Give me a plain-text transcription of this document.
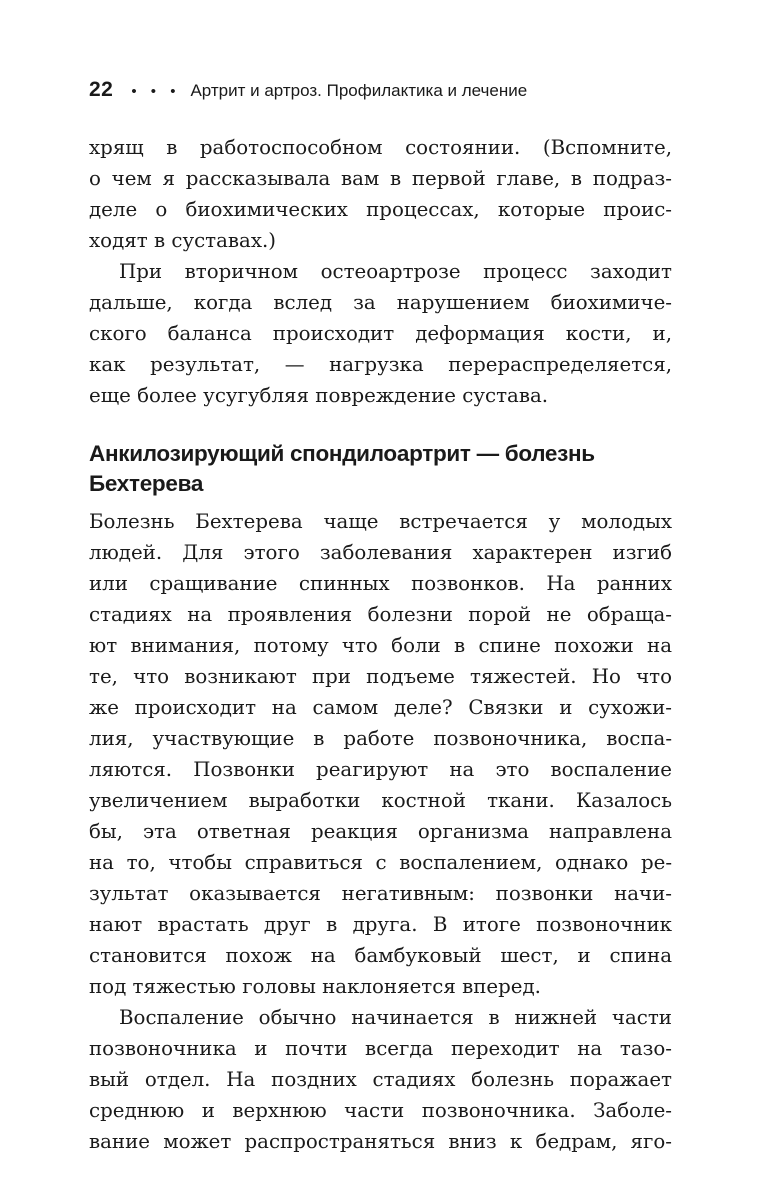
22 • • • Артрит и артроз. Профилактика и лечение

хрящ в работоспособном состоянии. (Вспомните,
о чем я рассказывала вам в первой главе, в подраз-
деле о биохимических процессах, которые проис-
ходят в суставах.)

При вторичном остеоартрозе процесс заходит
дальше, когда вслед за нарушением биохимиче-
ского баланса происходит деформация кости, и,
как результат, — нагрузка перераспределяется,
еще более усугубляя повреждение сустава.

Анкилозирующий спондилоартрит — болезнь
Бехтерева

Болезнь Бехтерева чаще встречается у молодых
людей. Для этого заболевания характерен изгиб
или сращивание спинных позвонков. На ранних
стадиях на проявления болезни порой не обраща-
ют внимания, потому что боли в спине похожи на
те, что возникают при подъеме тяжестей. Но что
же происходит на самом деле? Связки и сухожи-
лия, участвующие в работе позвоночника, воспа-
ляются. Позвонки реагируют на это воспаление
увеличением выработки костной ткани. Казалось
бы, эта ответная реакция организма направлена
на то, чтобы справиться с воспалением, однако ре-
зультат оказывается негативным: позвонки начи-
нают врастать друг в друга. В итоге позвоночник
становится похож на бамбуковый шест, и спина
под тяжестью головы наклоняется вперед.

Воспаление обычно начинается в нижней части
позвоночника и почти всегда переходит на тазо-
вый отдел. На поздних стадиях болезнь поражает
среднюю и верхнюю части позвоночника. Заболе-
вание может распространяться вниз к бедрам, яго-
